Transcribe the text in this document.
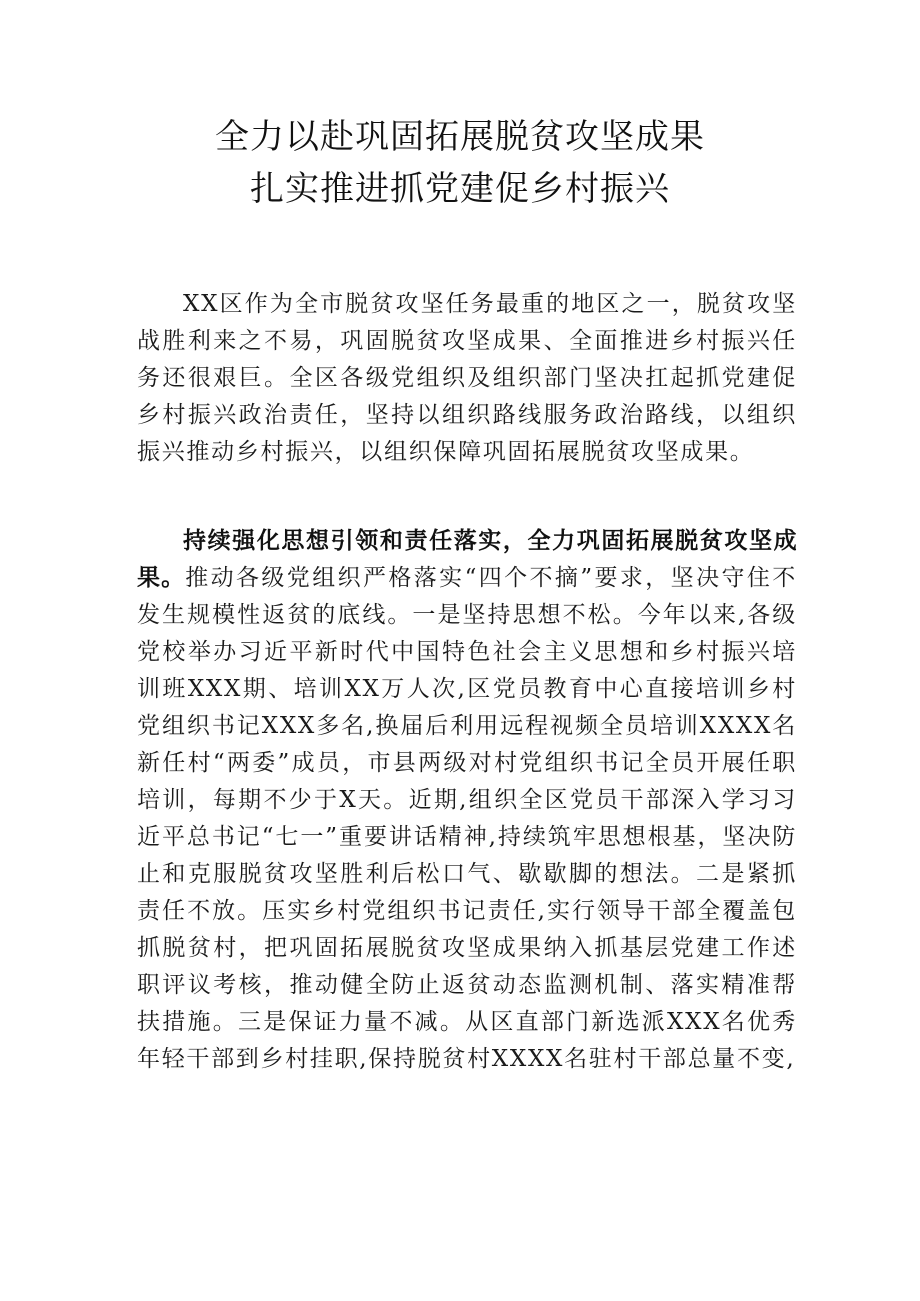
全力以赴巩固拓展脱贫攻坚成果
扎实推进抓党建促乡村振兴

XX区作为全市脱贫攻坚任务最重的地区之一，脱贫攻坚战胜利来之不易，巩固脱贫攻坚成果、全面推进乡村振兴任务还很艰巨。全区各级党组织及组织部门坚决扛起抓党建促乡村振兴政治责任，坚持以组织路线服务政治路线，以组织振兴推动乡村振兴，以组织保障巩固拓展脱贫攻坚成果。

持续强化思想引领和责任落实，全力巩固拓展脱贫攻坚成果。推动各级党组织严格落实“四个不摘”要求，坚决守住不发生规模性返贫的底线。一是坚持思想不松。今年以来,各级党校举办习近平新时代中国特色社会主义思想和乡村振兴培训班XXX期、培训XX万人次,区党员教育中心直接培训乡村党组织书记XXX多名,换届后利用远程视频全员培训XXXX名新任村“两委”成员，市县两级对村党组织书记全员开展任职培训，每期不少于X天。近期,组织全区党员干部深入学习习近平总书记“七一”重要讲话精神,持续筑牢思想根基，坚决防止和克服脱贫攻坚胜利后松口气、歇歇脚的想法。二是紧抓责任不放。压实乡村党组织书记责任,实行领导干部全覆盖包抓脱贫村，把巩固拓展脱贫攻坚成果纳入抓基层党建工作述职评议考核，推动健全防止返贫动态监测机制、落实精准帮扶措施。三是保证力量不减。从区直部门新选派XXX名优秀年轻干部到乡村挂职,保持脱贫村XXXX名驻村干部总量不变,
